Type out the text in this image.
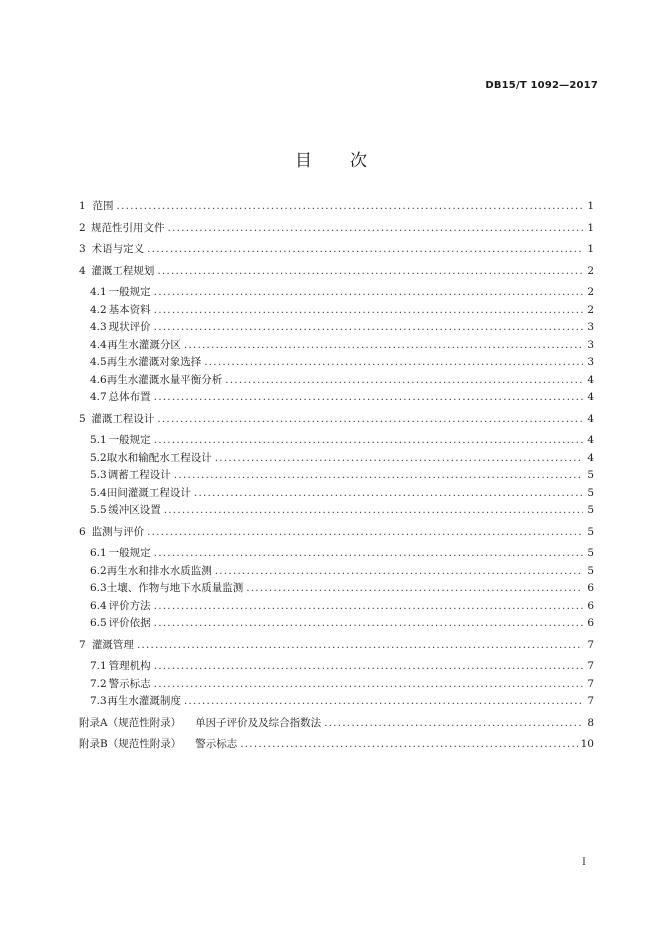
DB15/T 1092—2017
目 次
1 范围 .....	1
2 规范性引用文件 .....	1
3 术语与定义 .....	1
4 灌溉工程规划 .....	2
4.1 一般规定 .....	2
4.2 基本资料 .....	2
4.3 现状评价 .....	3
4.4 再生水灌溉分区 .....	3
4.5 再生水灌溉对象选择 .....	3
4.6 再生水灌溉水量平衡分析 .....	4
4.7 总体布置 .....	4
5 灌溉工程设计 .....	4
5.1 一般规定 .....	4
5.2 取水和输配水工程设计 .....	4
5.3 调蓄工程设计 .....	5
5.4 田间灌溉工程设计 .....	5
5.5 缓冲区设置 .....	5
6 监测与评价 .....	5
6.1 一般规定 .....	5
6.2 再生水和排水水质监测 .....	5
6.3 土壤、作物与地下水质量监测 .....	6
6.4 评价方法 .....	6
6.5 评价依据 .....	6
7 灌溉管理 .....	7
7.1 管理机构 .....	7
7.2 警示标志 .....	7
7.3 再生水灌溉制度 .....	7
附录A（规范性附录） 单因子评价及及综合指数法 .....	8
附录B（规范性附录） 警示标志 .....	10
I
